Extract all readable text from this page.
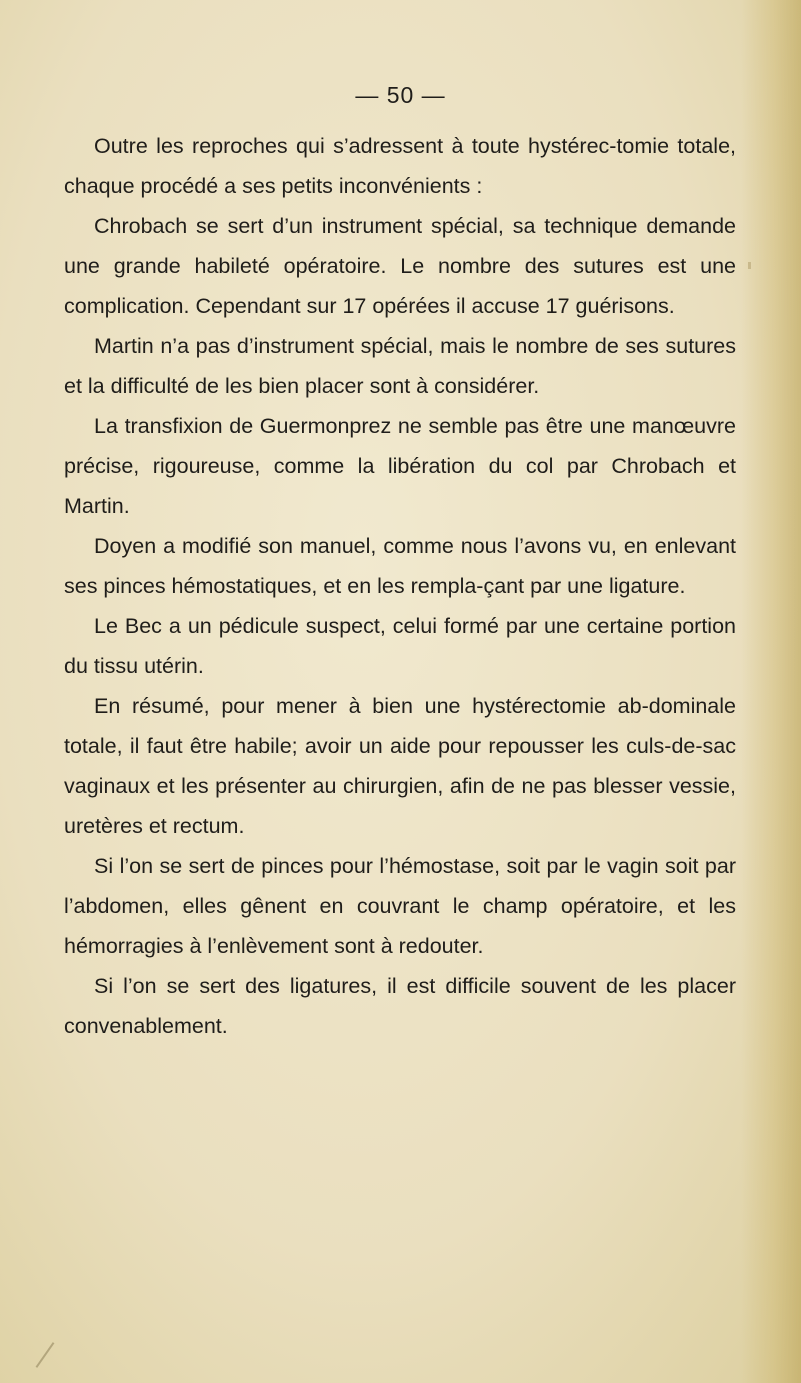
— 50 —

Outre les reproches qui s’adressent à toute hystérec-tomie totale, chaque procédé a ses petits inconvénients :

Chrobach se sert d’un instrument spécial, sa technique demande une grande habileté opératoire. Le nombre des sutures est une complication. Cependant sur 17 opérées il accuse 17 guérisons.

Martin n’a pas d’instrument spécial, mais le nombre de ses sutures et la difficulté de les bien placer sont à considérer.

La transfixion de Guermonprez ne semble pas être une manœuvre précise, rigoureuse, comme la libération du col par Chrobach et Martin.

Doyen a modifié son manuel, comme nous l’avons vu, en enlevant ses pinces hémostatiques, et en les rempla-çant par une ligature.

Le Bec a un pédicule suspect, celui formé par une certaine portion du tissu utérin.

En résumé, pour mener à bien une hystérectomie ab-dominale totale, il faut être habile; avoir un aide pour repousser les culs-de-sac vaginaux et les présenter au chirurgien, afin de ne pas blesser vessie, uretères et rectum.

Si l’on se sert de pinces pour l’hémostase, soit par le vagin soit par l’abdomen, elles gênent en couvrant le champ opératoire, et les hémorragies à l’enlèvement sont à redouter.

Si l’on se sert des ligatures, il est difficile souvent de les placer convenablement.
